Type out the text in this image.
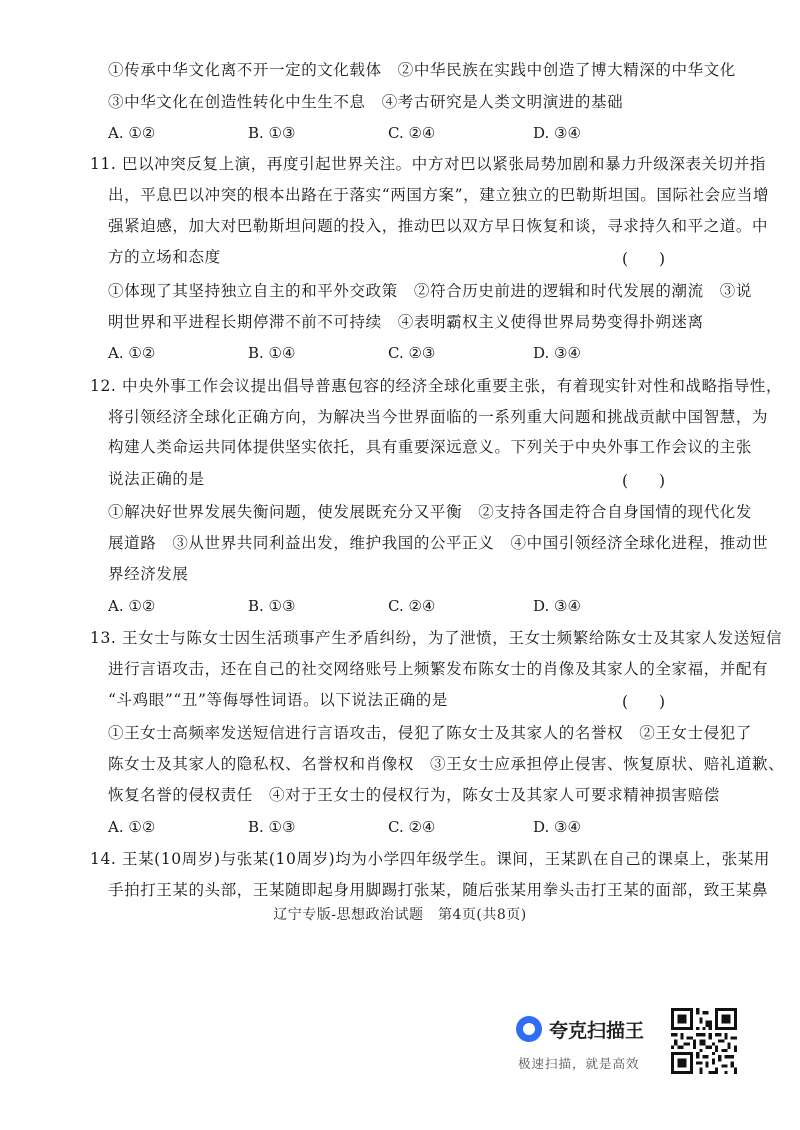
①传承中华文化离不开一定的文化载体　②中华民族在实践中创造了博大精深的中华文化
③中华文化在创造性转化中生生不息　④考古研究是人类文明演进的基础
A. ①②	B. ①③	C. ②④	D. ③④
11. 巴以冲突反复上演，再度引起世界关注。中方对巴以紧张局势加剧和暴力升级深表关切并指
出，平息巴以冲突的根本出路在于落实“两国方案”，建立独立的巴勒斯坦国。国际社会应当增
强紧迫感，加大对巴勒斯坦问题的投入，推动巴以双方早日恢复和谈，寻求持久和平之道。中
方的立场和态度	(　　)
①体现了其坚持独立自主的和平外交政策　②符合历史前进的逻辑和时代发展的潮流　③说
明世界和平进程长期停滞不前不可持续　④表明霸权主义使得世界局势变得扑朔迷离
A. ①②	B. ①④	C. ②③	D. ③④
12. 中央外事工作会议提出倡导普惠包容的经济全球化重要主张，有着现实针对性和战略指导性，
将引领经济全球化正确方向，为解决当今世界面临的一系列重大问题和挑战贡献中国智慧，为
构建人类命运共同体提供坚实依托，具有重要深远意义。下列关于中央外事工作会议的主张
说法正确的是	(　　)
①解决好世界发展失衡问题，使发展既充分又平衡　②支持各国走符合自身国情的现代化发
展道路　③从世界共同利益出发，维护我国的公平正义　④中国引领经济全球化进程，推动世
界经济发展
A. ①②	B. ①③	C. ②④	D. ③④
13. 王女士与陈女士因生活琐事产生矛盾纠纷，为了泄愤，王女士频繁给陈女士及其家人发送短信
进行言语攻击，还在自己的社交网络账号上频繁发布陈女士的肖像及其家人的全家福，并配有
“斗鸡眼”“丑”等侮辱性词语。以下说法正确的是	(　　)
①王女士高频率发送短信进行言语攻击，侵犯了陈女士及其家人的名誉权　②王女士侵犯了
陈女士及其家人的隐私权、名誉权和肖像权　③王女士应承担停止侵害、恢复原状、赔礼道歉、
恢复名誉的侵权责任　④对于王女士的侵权行为，陈女士及其家人可要求精神损害赔偿
A. ①②	B. ①③	C. ②④	D. ③④
14. 王某(10周岁)与张某(10周岁)均为小学四年级学生。课间，王某趴在自己的课桌上，张某用
手拍打王某的头部，王某随即起身用脚踢打张某，随后张某用拳头击打王某的面部，致王某鼻
辽宁专版-思想政治试题　第4页(共8页)
夸克扫描王
极速扫描，就是高效
